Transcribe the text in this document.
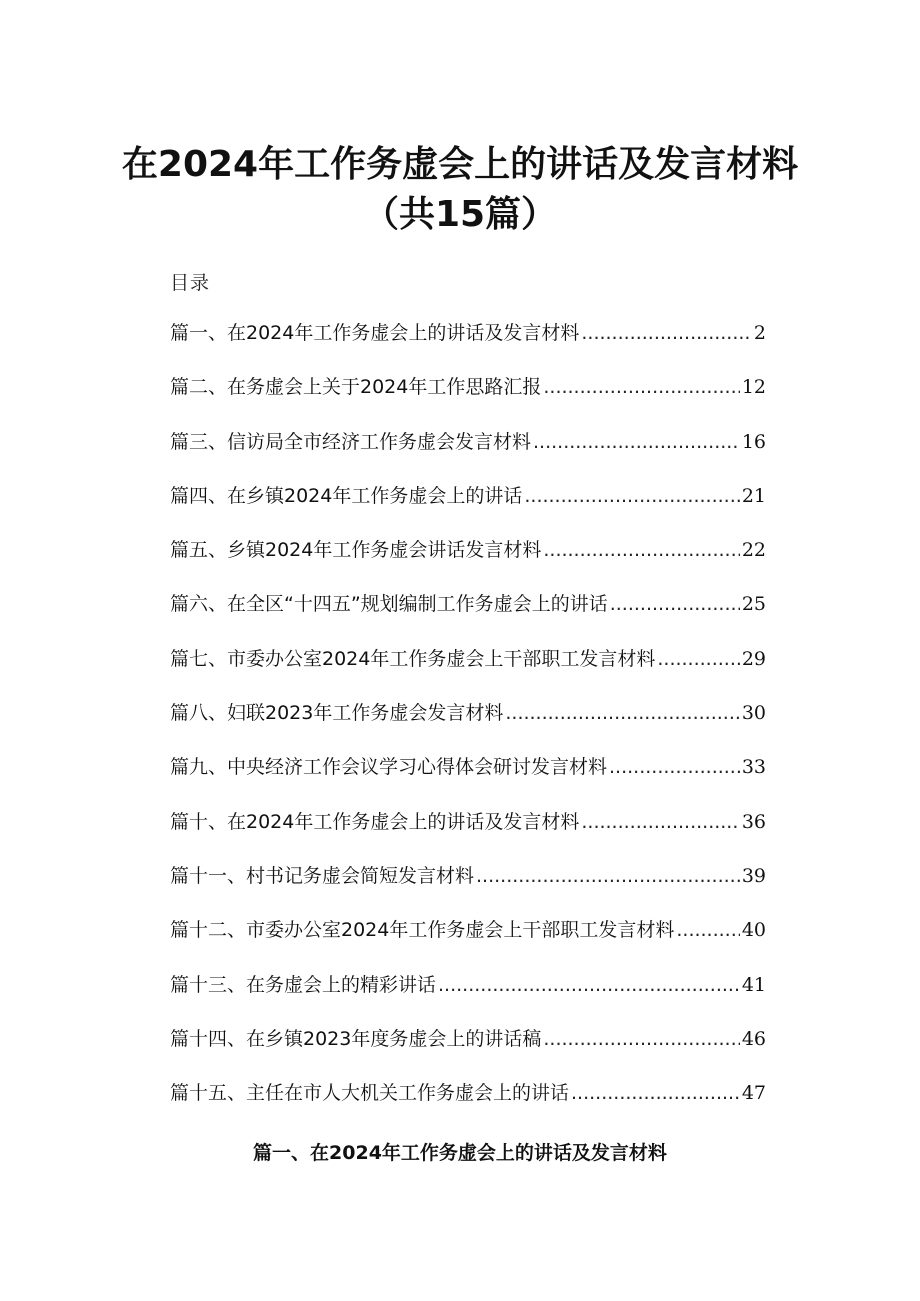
在2024年工作务虚会上的讲话及发言材料
（共15篇）
目录
篇一、在2024年工作务虚会上的讲话及发言材料 .....	2
篇二、在务虚会上关于2024年工作思路汇报 .....	12
篇三、信访局全市经济工作务虚会发言材料 .....	16
篇四、在乡镇2024年工作务虚会上的讲话 .....	21
篇五、乡镇2024年工作务虚会讲话发言材料 .....	22
篇六、在全区“十四五”规划编制工作务虚会上的讲话 .....	25
篇七、市委办公室2024年工作务虚会上干部职工发言材料 .....	29
篇八、妇联2023年工作务虚会发言材料 .....	30
篇九、中央经济工作会议学习心得体会研讨发言材料 .....	33
篇十、在2024年工作务虚会上的讲话及发言材料 .....	36
篇十一、村书记务虚会简短发言材料 .....	39
篇十二、市委办公室2024年工作务虚会上干部职工发言材料 .....	40
篇十三、在务虚会上的精彩讲话 .....	41
篇十四、在乡镇2023年度务虚会上的讲话稿 .....	46
篇十五、主任在市人大机关工作务虚会上的讲话 .....	47
篇一、在2024年工作务虚会上的讲话及发言材料
